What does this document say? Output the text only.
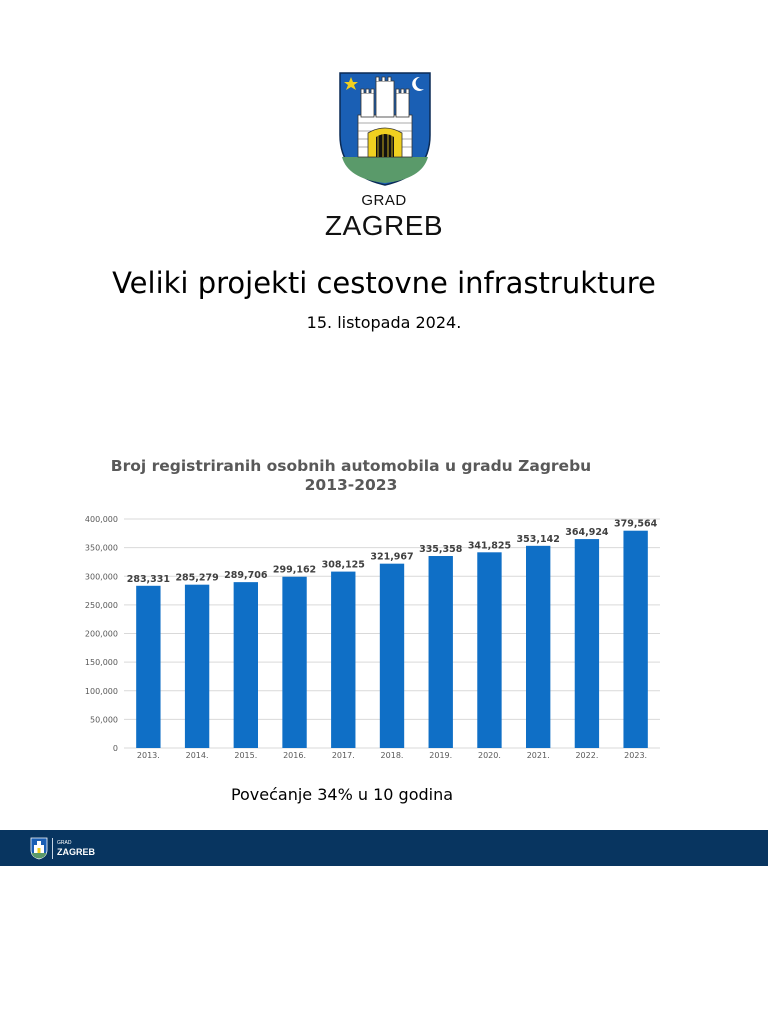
GRAD
ZAGREB
Veliki projekti cestovne infrastrukture
15. listopada 2024.
Broj registriranih osobnih automobila u gradu Zagrebu 2013-2023
0
50,000
100,000
150,000
200,000
250,000
300,000
350,000
400,000
283,331
2013.
285,279
2014.
289,706
2015.
299,162
2016.
308,125
2017.
321,967
2018.
335,358
2019.
341,825
2020.
353,142
2021.
364,924
2022.
379,564
2023.
Povećanje 34% u 10 godina
GRAD
ZAGREB
